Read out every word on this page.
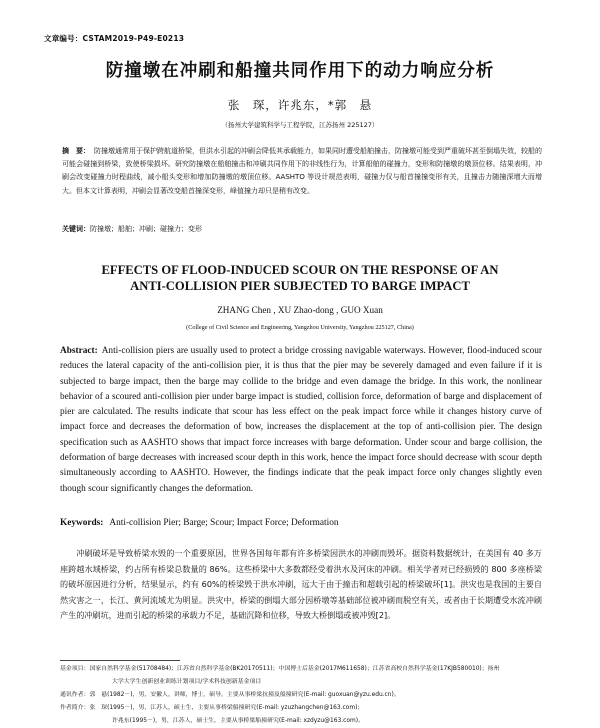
文章编号：CSTAM2019-P49-E0213
防撞墩在冲刷和船撞共同作用下的动力响应分析
张　琛，许兆东，*郭　悬
（扬州大学建筑科学与工程学院，江苏扬州 225127）
摘　要： 防撞墩通常用于保护跨航道桥梁，但洪水引起的冲刷会降低其承载能力，如果同时遭受船舶撞击，防撞墩可能受到严重破坏甚至倒塌失效，较船的可能会碰撞到桥梁，致使桥梁损坏。研究防撞墩在船舶撞击和冲刷共同作用下的非线性行为，计算船舶的碰撞力，变形和防撞墩的墩顶位移。结果表明，冲刷会改变碰撞力时程曲线，减小船头变形和增加防撞墩的墩顶位移。AASHTO 等设计规范表明，碰撞力仅与船首撞撞变形有关，且撞击力随撞深增大而增大。但本文计算表明，冲刷会显著改变船首撞深变形，峰值撞力却只是稍有改变。
关键词：防撞墩；船舶；冲刷；碰撞力；变形
EFFECTS OF FLOOD-INDUCED SCOUR ON THE RESPONSE OF AN
ANTI-COLLISION PIER SUBJECTED TO BARGE IMPACT
ZHANG Chen , XU Zhao-dong , GUO Xuan
(College of Civil Science and Engineering, Yangzhou University, Yangzhou 225127, China)
Abstract: Anti-collision piers are usually used to protect a bridge crossing navigable waterways. However, flood-induced scour reduces the lateral capacity of the anti-collision pier, it is thus that the pier may be severely damaged and even failure if it is subjected to barge impact, then the barge may collide to the bridge and even damage the bridge. In this work, the nonlinear behavior of a scoured anti-collision pier under barge impact is studied, collision force, deformation of barge and displacement of pier are calculated. The results indicate that scour has less effect on the peak impact force while it changes history curve of impact force and decreases the deformation of bow, increases the displacement at the top of anti-collision pier. The design specification such as AASHTO shows that impact force increases with barge deformation. Under scour and barge collision, the deformation of barge decreases with increased scour depth in this work, hence the impact force should decrease with scour depth simultaneously according to AASHTO. However, the findings indicate that the peak impact force only changes slightly even though scour significantly changes the deformation.
Keywords: Anti-collision Pier; Barge; Scour; Impact Force; Deformation
冲刷破坏是导致桥梁水毁的一个重要原因，世界各国每年都有许多桥梁因洪水的冲刷而毁坏。据资料数据统计，在美国有 40 多万座跨越水域桥梁，约占所有桥梁总数量的 86%。这些桥梁中大多数都经受着洪水及河床的冲刷。相关学者对已经损毁的 800 多座桥梁的破坏原因进行分析，结果显示，约有 60%的桥梁毁于洪水冲刷，远大于由于撞击和超载引起的桥梁破坏[1]。洪灾也是我国的主要自然灾害之一，长江、黄河流域尤为明显。洪灾中，桥梁的倒塌大部分因桥墩等基础部位被冲刷而脱空有关，或者由于长期遭受水流冲刷产生的冲刷坑，进而引起的桥梁的承载力不足，基础沉降和位移，导致大桥倒塌或被冲毁[2]。
基金项目： 国家自然科学基金(51708484)；江苏省自然科学基金(BK20170511)；中国博士后基金(2017M611658)；江苏省高校自然科学基金(17KJB580010)；扬州
大学大学生创新创业训练计划项目/学术科技创新基金项目
通讯作者： 郭　悬(1982－)，男，安徽人，讲师，博士，硕导，主要从事桥梁抗撞及船撞研究(E-mail: guoxuan@yzu.edu.cn)。
作者简介： 张　琛(1995－)，男，江苏人，硕士生，主要从事桥梁船撞研究(E-mail: yzuzhangchen@163.com)；
许兆东(1995－)，男，江苏人，硕士生，主要从事桥梁船撞研究(E-mail: xzdyzu@163.com)。
